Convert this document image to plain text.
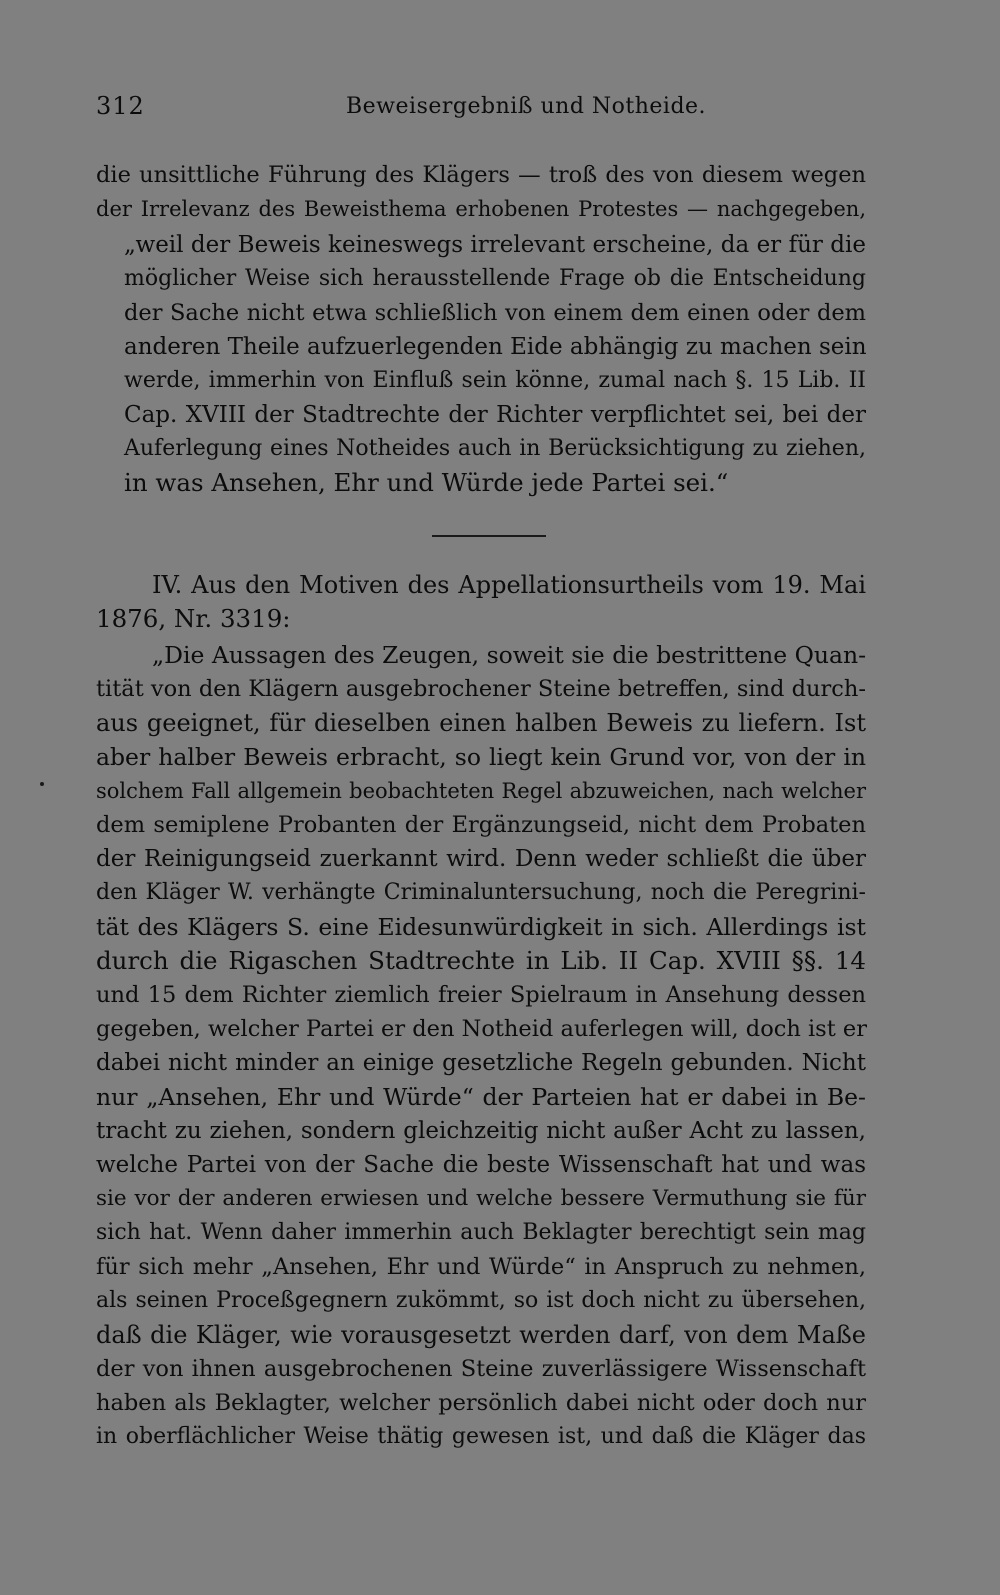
312	Beweisergebniß und Nothеide.
die unsittliche Führung des Klägers — troß des von diesem wegen
der Irrelevanz des Beweisthema erhobenen Protestes — nachgegeben,
„weil der Beweis keineswegs irrelevant erscheine, da er für die
möglicher Weise sich herausstellende Frage ob die Entscheidung
der Sache nicht etwa schließlich von einem dem einen oder dem
anderen Theile aufzuerlegenden Eide abhängig zu machen sein
werde, immerhin von Einfluß sein könne, zumal nach §. 15 Lib. II
Cap. XVIII der Stadtrechte der Richter verpflichtet sei, bei der
Auferlegung eines Nothеides auch in Berücksichtigung zu ziehen,
in was Ansehen, Ehr und Würde jede Partei sei.“
IV. Aus den Motiven des Appellationsurtheils vom 19. Mai
1876, Nr. 3319:
„Die Aussagen des Zeugen, soweit sie die bestrittene Quan-
tität von den Klägern ausgebrochener Steine betreffen, sind durch-
aus geeignet, für dieselben einen halben Beweis zu liefern. Ist
aber halber Beweis erbracht, so liegt kein Grund vor, von der in
solchem Fall allgemein beobachteten Regel abzuweichen, nach welcher
dem semiplene Probanten der Ergänzungseid, nicht dem Probaten
der Reinigungseid zuerkannt wird. Denn weder schließt die über
den Kläger W. verhängte Criminaluntersuchung, noch die Peregrini-
tät des Klägers S. eine Eidesunwürdigkeit in sich. Allerdings ist
durch die Rigaschen Stadtrechte in Lib. II Cap. XVIII §§. 14
und 15 dem Richter ziemlich freier Spielraum in Ansehung dessen
gegeben, welcher Partei er den Nothеid auferlegen will, doch ist er
dabei nicht minder an einige gesetzliche Regeln gebunden. Nicht
nur „Ansehen, Ehr und Würde“ der Parteien hat er dabei in Be-
tracht zu ziehen, sondern gleichzeitig nicht außer Acht zu lassen,
welche Partei von der Sache die beste Wissenschaft hat und was
sie vor der anderen erwiesen und welche bessere Vermuthung sie für
sich hat. Wenn daher immerhin auch Beklagter berechtigt sein mag
für sich mehr „Ansehen, Ehr und Würde“ in Anspruch zu nehmen,
als seinen Proceßgegnern zukömmt, so ist doch nicht zu übersehen,
daß die Kläger, wie vorausgesetzt werden darf, von dem Maße
der von ihnen ausgebrochenen Steine zuverlässigere Wissenschaft
haben als Beklagter, welcher persönlich dabei nicht oder doch nur
in oberflächlicher Weise thätig gewesen ist, und daß die Kläger das
